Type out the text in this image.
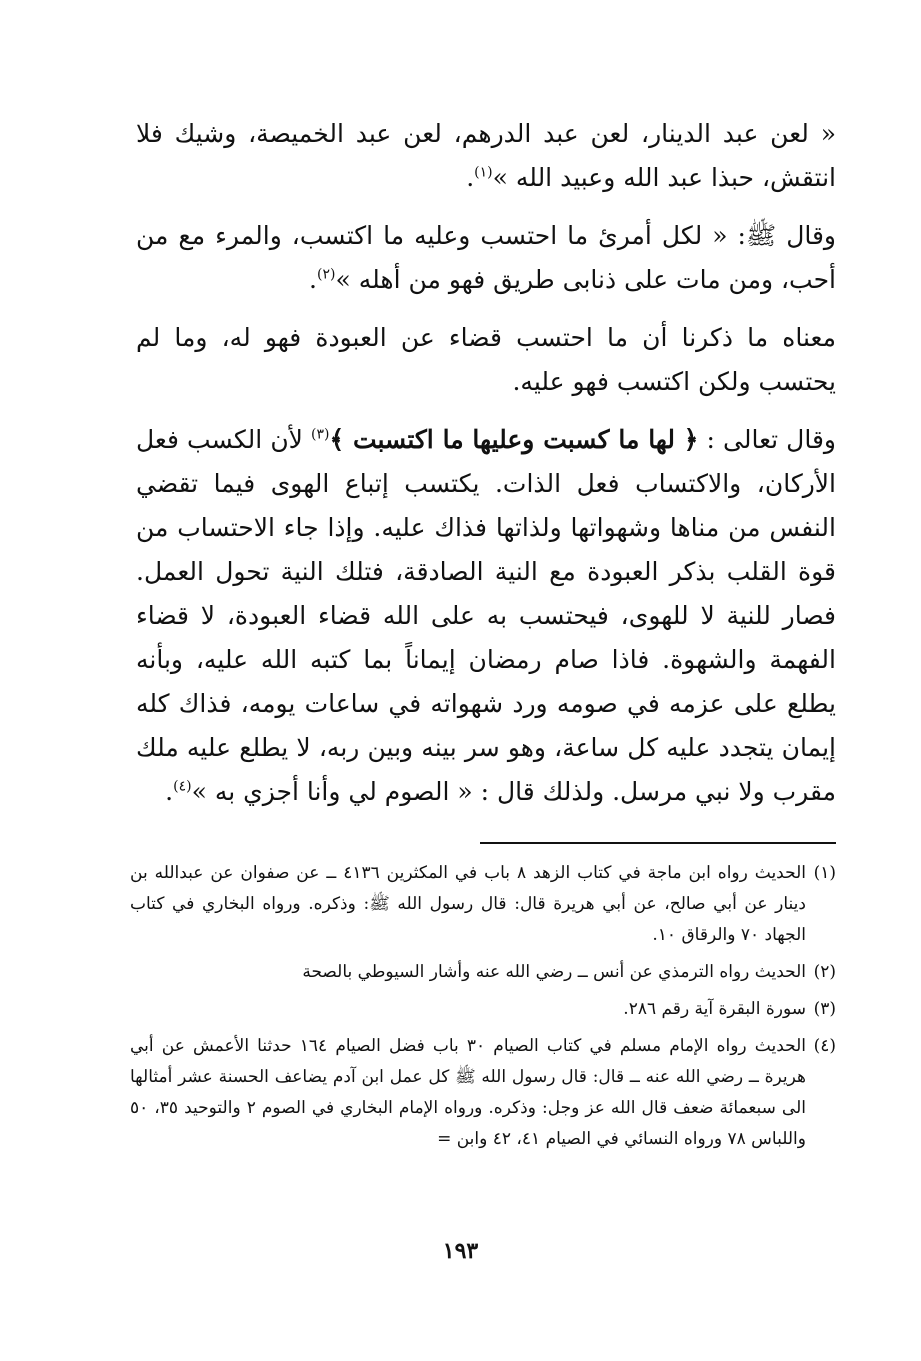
« لعن عبد الدينار، لعن عبد الدرهم، لعن عبد الخميصة، وشيك فلا انتقش، حبذا عبد الله وعبيد الله »$^{(١)}$.

وقال ﷺ: « لكل أمرئ ما احتسب وعليه ما اكتسب، والمرء مع من أحب، ومن مات على ذنابى طريق فهو من أهله »$^{(٢)}$.

معناه ما ذكرنا أن ما احتسب قضاء عن العبودة فهو له، وما لم يحتسب ولكن اكتسب فهو عليه.

وقال تعالى : ﴿ لها ما كسبت وعليها ما اكتسبت ﴾$^{(٣)}$ لأن الكسب فعل الأركان، والاكتساب فعل الذات. يكتسب إتباع الهوى فيما تقضي النفس من مناها وشهواتها ولذاتها فذاك عليه. وإذا جاء الاحتساب من قوة القلب بذكر العبودة مع النية الصادقة، فتلك النية تحول العمل. فصار للنية لا للهوى، فيحتسب به على الله قضاء العبودة، لا قضاء الفهمة والشهوة. فاذا صام رمضان إيماناً بما كتبه الله عليه، وبأنه يطلع على عزمه في صومه ورد شهواته في ساعات يومه، فذاك كله إيمان يتجدد عليه كل ساعة، وهو سر بينه وبين ربه، لا يطلع عليه ملك مقرب ولا نبي مرسل. ولذلك قال : « الصوم لي وأنا أجزي به »$^{(٤)}$.

(١)
الحديث رواه ابن ماجة في كتاب الزهد ٨ باب في المكثرين ٤١٣٦ ــ عن صفوان عن عبدالله بن دينار عن أبي صالح، عن أبي هريرة قال: قال رسول الله ﷺ: وذكره. ورواه البخاري في كتاب الجهاد ٧٠ والرقاق ١٠.
(٢)
الحديث رواه الترمذي عن أنس ــ رضي الله عنه وأشار السيوطي بالصحة
(٣)
سورة البقرة آية رقم ٢٨٦.
(٤)
الحديث رواه الإمام مسلم في كتاب الصيام ٣٠ باب فضل الصيام ١٦٤ حدثنا الأعمش عن أبي هريرة ــ رضي الله عنه ــ قال: قال رسول الله ﷺ كل عمل ابن آدم يضاعف الحسنة عشر أمثالها الى سبعمائة ضعف قال الله عز وجل: وذكره. ورواه الإمام البخاري في الصوم ٢ والتوحيد ٣٥، ٥٠ واللباس ٧٨ ورواه النسائي في الصيام ٤١، ٤٢ وابن =
١٩٣
